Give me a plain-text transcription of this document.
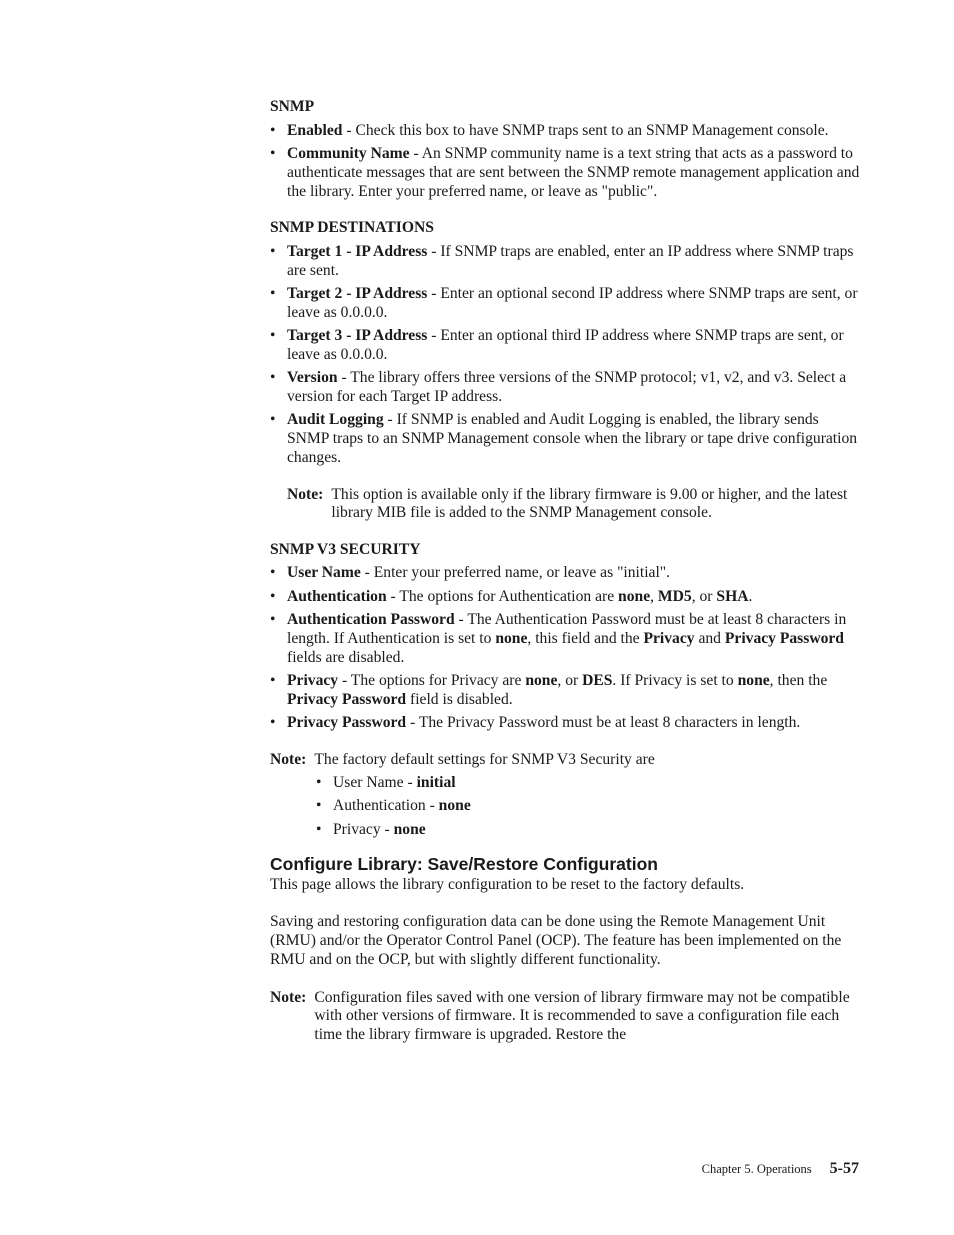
SNMP
• Enabled - Check this box to have SNMP traps sent to an SNMP Management console.
• Community Name - An SNMP community name is a text string that acts as a password to authenticate messages that are sent between the SNMP remote management application and the library. Enter your preferred name, or leave as "public".
SNMP DESTINATIONS
• Target 1 - IP Address - If SNMP traps are enabled, enter an IP address where SNMP traps are sent.
• Target 2 - IP Address - Enter an optional second IP address where SNMP traps are sent, or leave as 0.0.0.0.
• Target 3 - IP Address - Enter an optional third IP address where SNMP traps are sent, or leave as 0.0.0.0.
• Version - The library offers three versions of the SNMP protocol; v1, v2, and v3. Select a version for each Target IP address.
• Audit Logging - If SNMP is enabled and Audit Logging is enabled, the library sends SNMP traps to an SNMP Management console when the library or tape drive configuration changes.
Note: This option is available only if the library firmware is 9.00 or higher, and the latest library MIB file is added to the SNMP Management console.
SNMP V3 SECURITY
• User Name - Enter your preferred name, or leave as "initial".
• Authentication - The options for Authentication are none, MD5, or SHA.
• Authentication Password - The Authentication Password must be at least 8 characters in length. If Authentication is set to none, this field and the Privacy and Privacy Password fields are disabled.
• Privacy - The options for Privacy are none, or DES. If Privacy is set to none, then the Privacy Password field is disabled.
• Privacy Password - The Privacy Password must be at least 8 characters in length.
Note: The factory default settings for SNMP V3 Security are
• User Name - initial
• Authentication - none
• Privacy - none
Configure Library: Save/Restore Configuration

This page allows the library configuration to be reset to the factory defaults.

Saving and restoring configuration data can be done using the Remote Management Unit (RMU) and/or the Operator Control Panel (OCP). The feature has been implemented on the RMU and on the OCP, but with slightly different functionality.

Note: Configuration files saved with one version of library firmware may not be compatible with other versions of firmware. It is recommended to save a configuration file each time the library firmware is upgraded. Restore the
Chapter 5. Operations 5-57
